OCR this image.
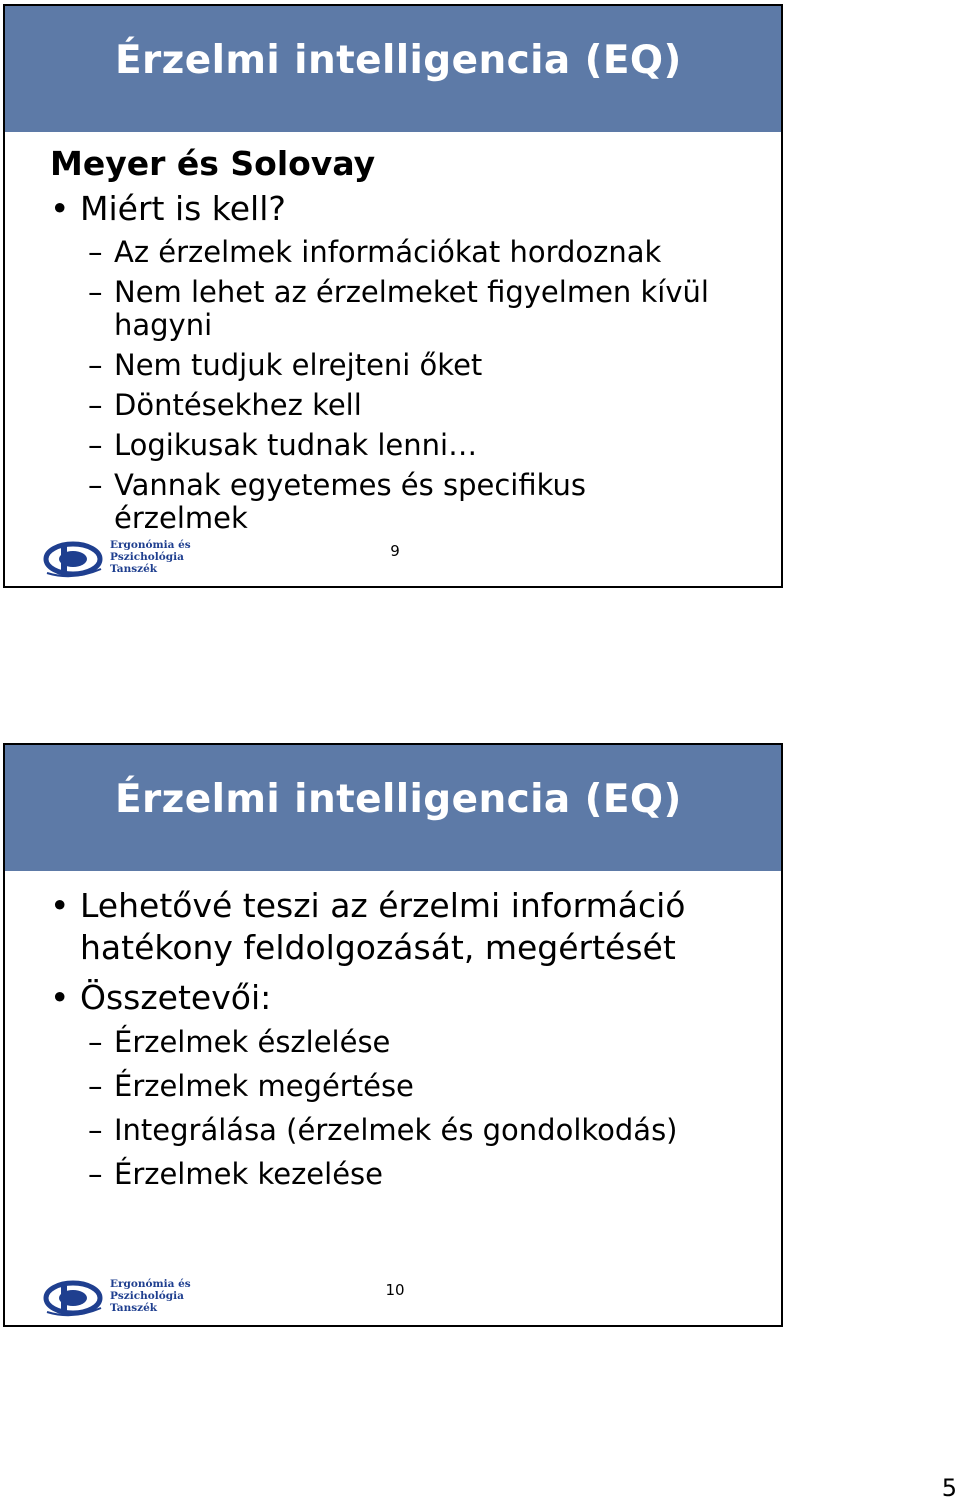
Érzelmi intelligencia (EQ)
Meyer és Solovay
• Miért is kell?
– Az érzelmek információkat hordoznak
– Nem lehet az érzelmeket figyelmen kívül hagyni
– Nem tudjuk elrejteni őket
– Döntésekhez kell
– Logikusak tudnak lenni…
– Vannak egyetemes és specifikus érzelmek
Ergonómia és
Pszichológia
Tanszék
9
Érzelmi intelligencia (EQ)
• Lehetővé teszi az érzelmi információ hatékony feldolgozását, megértését
• Összetevői:
– Érzelmek észlelése
– Érzelmek megértése
– Integrálása (érzelmek és gondolkodás)
– Érzelmek kezelése
Ergonómia és
Pszichológia
Tanszék
10
5
